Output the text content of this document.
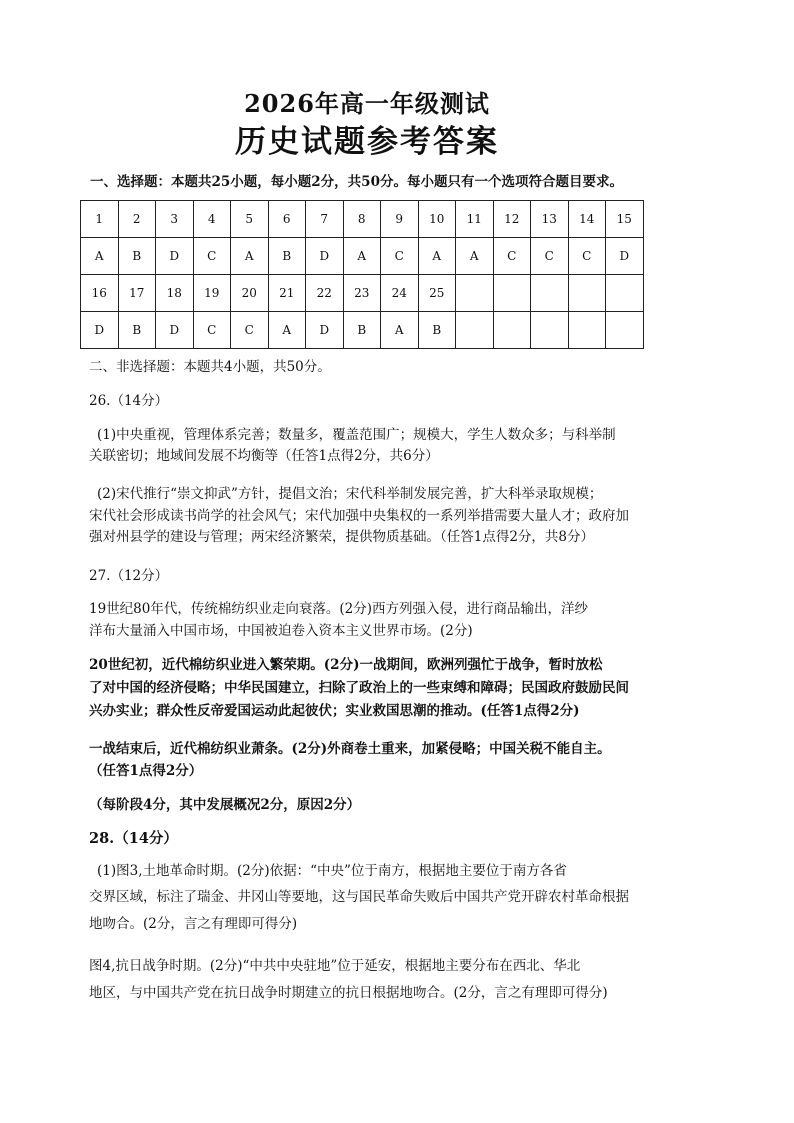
2026年高一年级测试
历史试题参考答案
一、选择题：本题共25小题，每小题2分，共50分。每小题只有一个选项符合题目要求。
1	2	3	4	5	6	7	8	9	10	11	12	13	14	15
A	B	D	C	A	B	D	A	C	A	A	C	C	C	D
16	17	18	19	20	21	22	23	24	25					
D	B	D	C	C	A	D	B	A	B					
二、非选择题：本题共4小题，共50分。
26.（14分）
(1)中央重视，管理体系完善；数量多，覆盖范围广；规模大，学生人数众多；与科举制
关联密切；地域间发展不均衡等（任答1点得2分，共6分）
(2)宋代推行“崇文抑武”方针，提倡文治；宋代科举制发展完善，扩大科举录取规模；
宋代社会形成读书尚学的社会风气；宋代加强中央集权的一系列举措需要大量人才；政府加
强对州县学的建设与管理；两宋经济繁荣，提供物质基础。（任答1点得2分，共8分）
27.（12分）
19世纪80年代，传统棉纺织业走向衰落。(2分)西方列强入侵，进行商品输出，洋纱
洋布大量涌入中国市场，中国被迫卷入资本主义世界市场。(2分)
20世纪初，近代棉纺织业进入繁荣期。(2分)一战期间，欧洲列强忙于战争，暂时放松
了对中国的经济侵略；中华民国建立，扫除了政治上的一些束缚和障碍；民国政府鼓励民间
兴办实业；群众性反帝爱国运动此起彼伏；实业救国思潮的推动。(任答1点得2分)
一战结束后，近代棉纺织业萧条。(2分)外商卷土重来，加紧侵略；中国关税不能自主。
（任答1点得2分）
（每阶段4分，其中发展概况2分，原因2分）
28.（14分）
(1)图3,土地革命时期。(2分)依据：“中央”位于南方，根据地主要位于南方各省
交界区域，标注了瑞金、井冈山等要地，这与国民革命失败后中国共产党开辟农村革命根据
地吻合。(2分，言之有理即可得分)
图4,抗日战争时期。(2分)“中共中央驻地”位于延安，根据地主要分布在西北、华北
地区，与中国共产党在抗日战争时期建立的抗日根据地吻合。(2分，言之有理即可得分)
